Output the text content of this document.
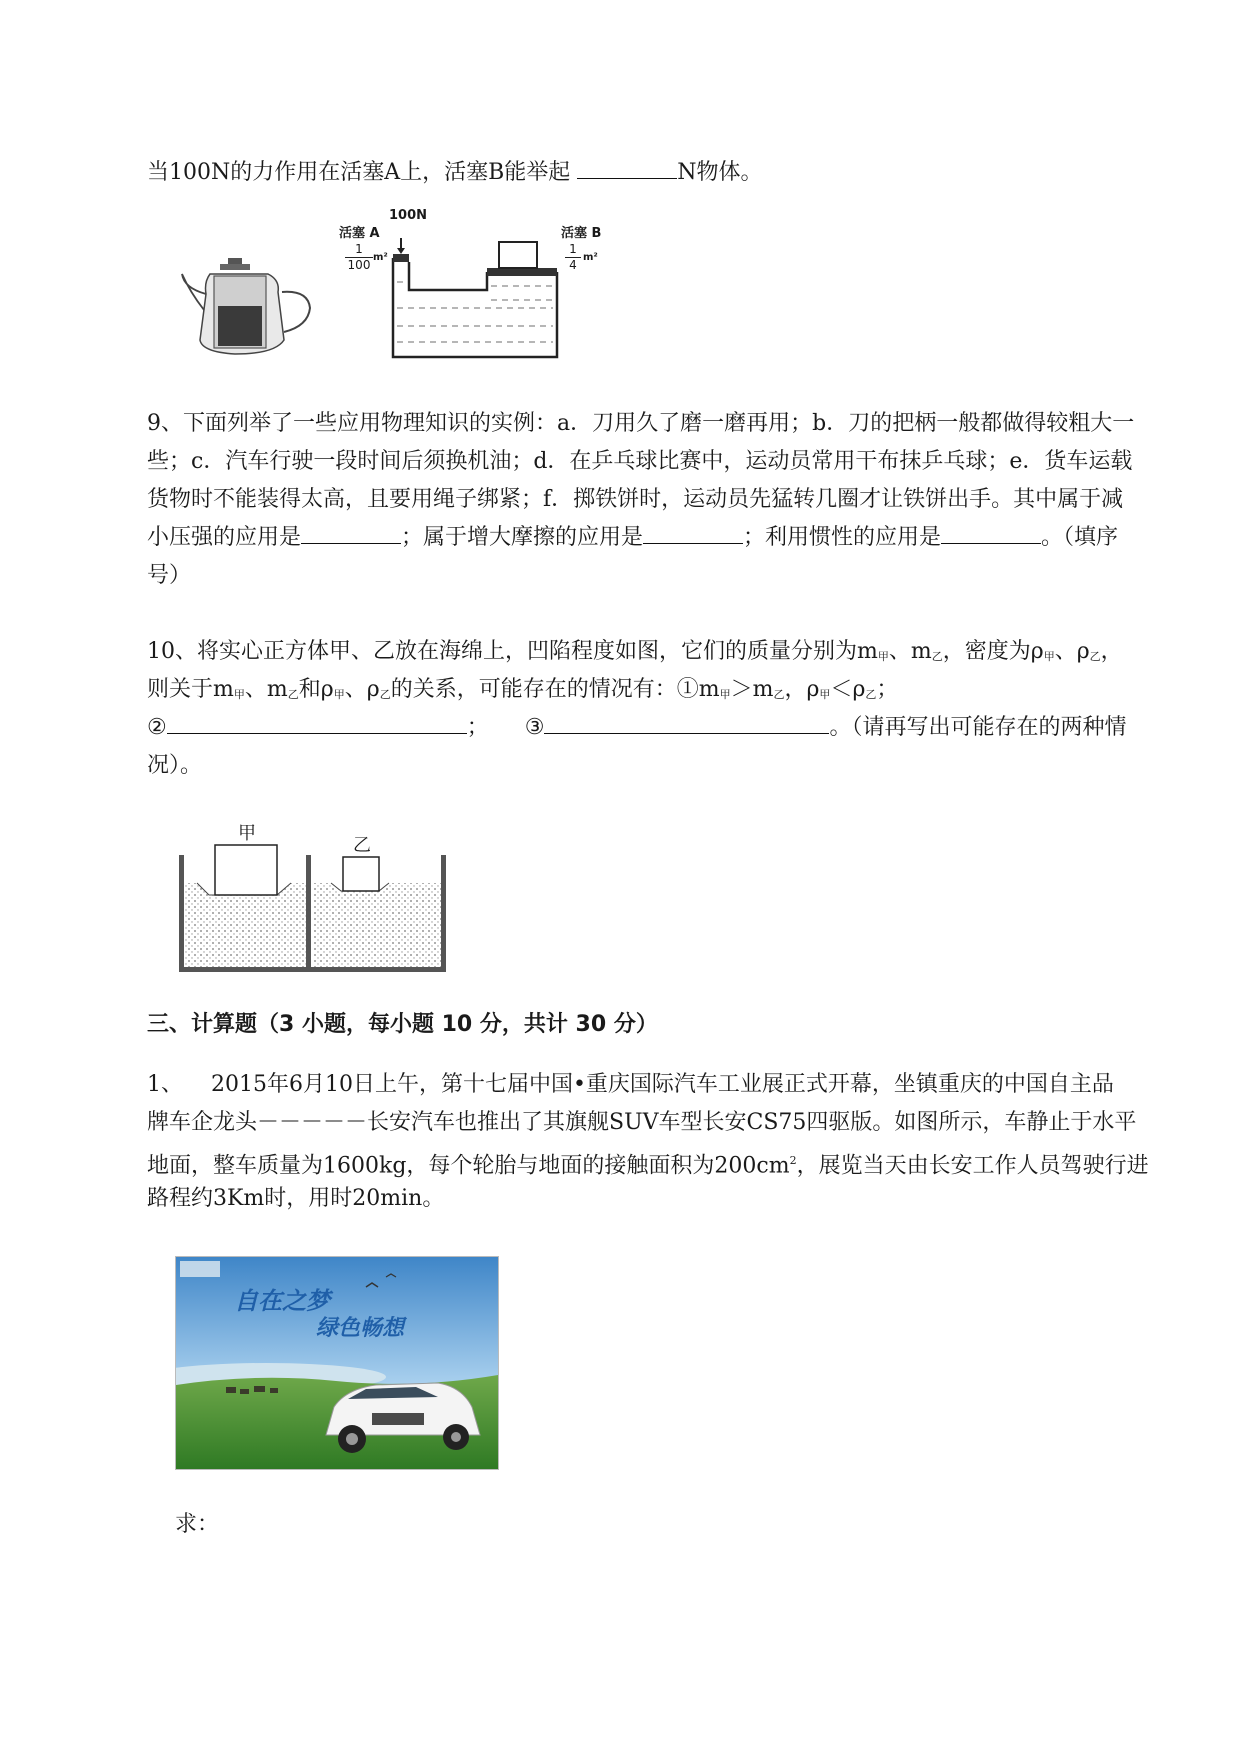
当100N的力作用在活塞A上，活塞B能举起	N物体。

活塞 A
100N
1
100
m²
活塞 B
1
4
m²

9、下面列举了一些应用物理知识的实例：a．刀用久了磨一磨再用；b．刀的把柄一般都做得较粗大一

些；c．汽车行驶一段时间后须换机油；d．在乒乓球比赛中，运动员常用干布抹乒乓球；e．货车运载

货物时不能装得太高，且要用绳子绑紧；f．掷铁饼时，运动员先猛转几圈才让铁饼出手。其中属于减

小压强的应用是	；属于增大摩擦的应用是	；利用惯性的应用是	。（填序

号）

10、将实心正方体甲、乙放在海绵上，凹陷程度如图，它们的质量分别为$m_甲$、$m_乙$，密度为$\rho_甲$、$\rho_乙$，

则关于$m_甲$、$m_乙$和$\rho_甲$、$\rho_乙$的关系，可能存在的情况有：$①m_甲>m_乙$，$\rho_甲<\rho_乙$；

②	； ③	。（请再写出可能存在的两种情

况）。

甲
乙
三、计算题（3 小题，每小题 10 分，共计 30 分）

1、    2015年6月10日上午，第十七届中国•重庆国际汽车工业展正式开幕，坐镇重庆的中国自主品

牌车企龙头－－－－－长安汽车也推出了其旗舰SUV车型长安CS75四驱版。如图所示，车静止于水平

地面，整车质量为1600kg，每个轮胎与地面的接触面积为$200cm^2$，展览当天由长安工作人员驾驶行进

路程约3Km时，用时20min。

自在之梦
绿色畅想

求：
